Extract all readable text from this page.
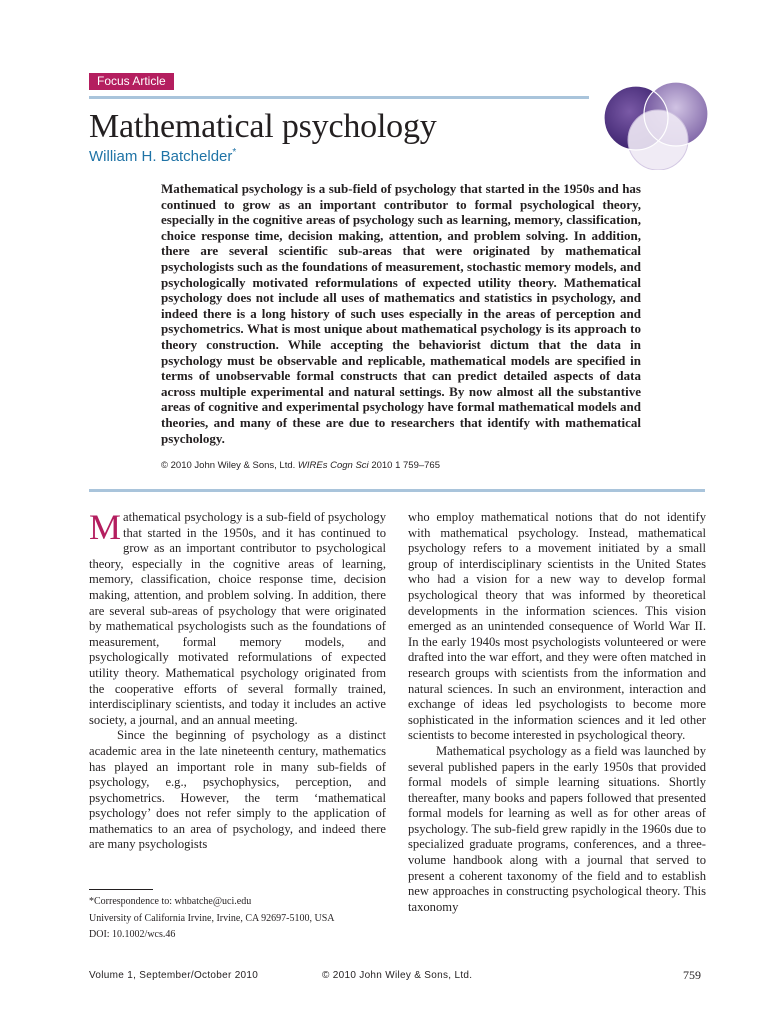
Focus Article
Mathematical psychology
William H. Batchelder*

Mathematical psychology is a sub-field of psychology that started in the 1950s and has continued to grow as an important contributor to formal psychological theory, especially in the cognitive areas of psychology such as learning, memory, classification, choice response time, decision making, attention, and problem solving. In addition, there are several scientific sub-areas that were originated by mathematical psychologists such as the foundations of measurement, stochastic memory models, and psychologically motivated reformulations of expected utility theory. Mathematical psychology does not include all uses of mathematics and statistics in psychology, and indeed there is a long history of such uses especially in the areas of perception and psychometrics. What is most unique about mathematical psychology is its approach to theory construction. While accepting the behaviorist dictum that the data in psychology must be observable and replicable, mathematical models are specified in terms of unobservable formal constructs that can predict detailed aspects of data across multiple experimental and natural settings. By now almost all the substantive areas of cognitive and experimental psychology have formal mathematical models and theories, and many of these are due to researchers that identify with mathematical psychology.

© 2010 John Wiley & Sons, Ltd. WIREs Cogn Sci 2010 1 759–765

Mathematical psychology is a sub-field of psychology that started in the 1950s, and it has continued to grow as an important contributor to psychological theory, especially in the cognitive areas of learning, memory, classification, choice response time, decision making, attention, and problem solving. In addition, there are several sub-areas of psychology that were originated by mathematical psychologists such as the foundations of measurement, formal memory models, and psychologically motivated reformulations of expected utility theory. Mathematical psychology originated from the cooperative efforts of several formally trained, interdisciplinary scientists, and today it includes an active society, a journal, and an annual meeting.

Since the beginning of psychology as a distinct academic area in the late nineteenth century, mathematics has played an important role in many sub-fields of psychology, e.g., psychophysics, perception, and psychometrics. However, the term ‘mathematical psychology’ does not refer simply to the application of mathematics to an area of psychology, and indeed there are many psychologists

who employ mathematical notions that do not identify with mathematical psychology. Instead, mathematical psychology refers to a movement initiated by a small group of interdisciplinary scientists in the United States who had a vision for a new way to develop formal psychological theory that was informed by theoretical developments in the information sciences. This vision emerged as an unintended consequence of World War II. In the early 1940s most psychologists volunteered or were drafted into the war effort, and they were often matched in research groups with scientists from the information and natural sciences. In such an environment, interaction and exchange of ideas led psychologists to become more sophisticated in the information sciences and it led other scientists to become interested in psychological theory.

Mathematical psychology as a field was launched by several published papers in the early 1950s that provided formal models of simple learning situations. Shortly thereafter, many books and papers followed that presented formal models for learning as well as for other areas of psychology. The sub-field grew rapidly in the 1960s due to specialized graduate programs, conferences, and a three-volume handbook along with a journal that served to present a coherent taxonomy of the field and to establish new approaches in constructing psychological theory. This taxonomy

*Correspondence to: whbatche@uci.edu
University of California Irvine, Irvine, CA 92697-5100, USA
DOI: 10.1002/wcs.46
Volume 1, September/October 2010	© 2010 John Wiley & Sons, Ltd.	759
